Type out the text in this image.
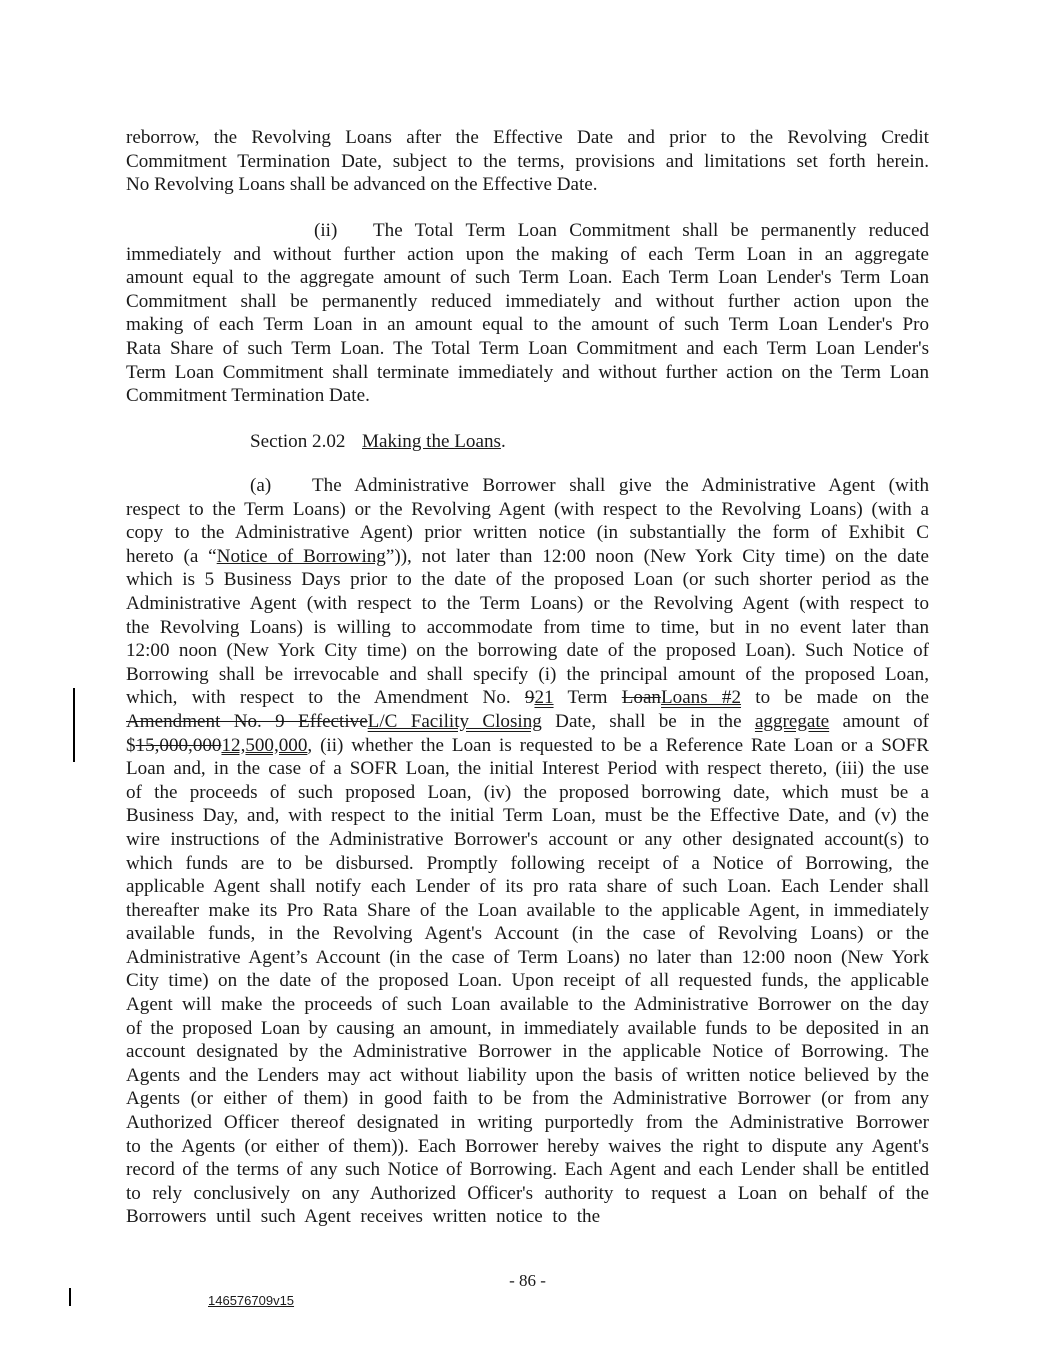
reborrow, the Revolving Loans after the Effective Date and prior to the Revolving Credit
Commitment Termination Date, subject to the terms, provisions and limitations set forth herein.
No Revolving Loans shall be advanced on the Effective Date.
(ii) The Total Term Loan Commitment shall be permanently reduced
immediately and without further action upon the making of each Term Loan in an aggregate
amount equal to the aggregate amount of such Term Loan. Each Term Loan Lender's Term Loan
Commitment shall be permanently reduced immediately and without further action upon the
making of each Term Loan in an amount equal to the amount of such Term Loan Lender's Pro
Rata Share of such Term Loan. The Total Term Loan Commitment and each Term Loan Lender's
Term Loan Commitment shall terminate immediately and without further action on the Term Loan
Commitment Termination Date.
Section 2.02 Making the Loans.
(a) The Administrative Borrower shall give the Administrative Agent (with
respect to the Term Loans) or the Revolving Agent (with respect to the Revolving Loans) (with a
copy to the Administrative Agent) prior written notice (in substantially the form of Exhibit C
hereto (a “Notice of Borrowing”)), not later than 12:00 noon (New York City time) on the date
which is 5 Business Days prior to the date of the proposed Loan (or such shorter period as the
Administrative Agent (with respect to the Term Loans) or the Revolving Agent (with respect to
the Revolving Loans) is willing to accommodate from time to time, but in no event later than
12:00 noon (New York City time) on the borrowing date of the proposed Loan). Such Notice of
Borrowing shall be irrevocable and shall specify (i) the principal amount of the proposed Loan,
which, with respect to the Amendment No. 921 Term LoanLoans #2 to be made on the
Amendment No. 9 EffectiveL/C Facility Closing Date, shall be in the aggregate amount of
$15,000,00012,500,000, (ii) whether the Loan is requested to be a Reference Rate Loan or a SOFR
Loan and, in the case of a SOFR Loan, the initial Interest Period with respect thereto, (iii) the use
of the proceeds of such proposed Loan, (iv) the proposed borrowing date, which must be a
Business Day, and, with respect to the initial Term Loan, must be the Effective Date, and (v) the
wire instructions of the Administrative Borrower's account or any other designated account(s) to
which funds are to be disbursed. Promptly following receipt of a Notice of Borrowing, the
applicable Agent shall notify each Lender of its pro rata share of such Loan. Each Lender shall
thereafter make its Pro Rata Share of the Loan available to the applicable Agent, in immediately
available funds, in the Revolving Agent's Account (in the case of Revolving Loans) or the
Administrative Agent’s Account (in the case of Term Loans) no later than 12:00 noon (New York
City time) on the date of the proposed Loan. Upon receipt of all requested funds, the applicable
Agent will make the proceeds of such Loan available to the Administrative Borrower on the day
of the proposed Loan by causing an amount, in immediately available funds to be deposited in an
account designated by the Administrative Borrower in the applicable Notice of Borrowing. The
Agents and the Lenders may act without liability upon the basis of written notice believed by the
Agents (or either of them) in good faith to be from the Administrative Borrower (or from any
Authorized Officer thereof designated in writing purportedly from the Administrative Borrower
to the Agents (or either of them)). Each Borrower hereby waives the right to dispute any Agent's
record of the terms of any such Notice of Borrowing. Each Agent and each Lender shall be entitled
to rely conclusively on any Authorized Officer's authority to request a Loan on behalf of the
Borrowers  until  such  Agent  receives  written  notice  to  the
- 86 -
146576709v15
